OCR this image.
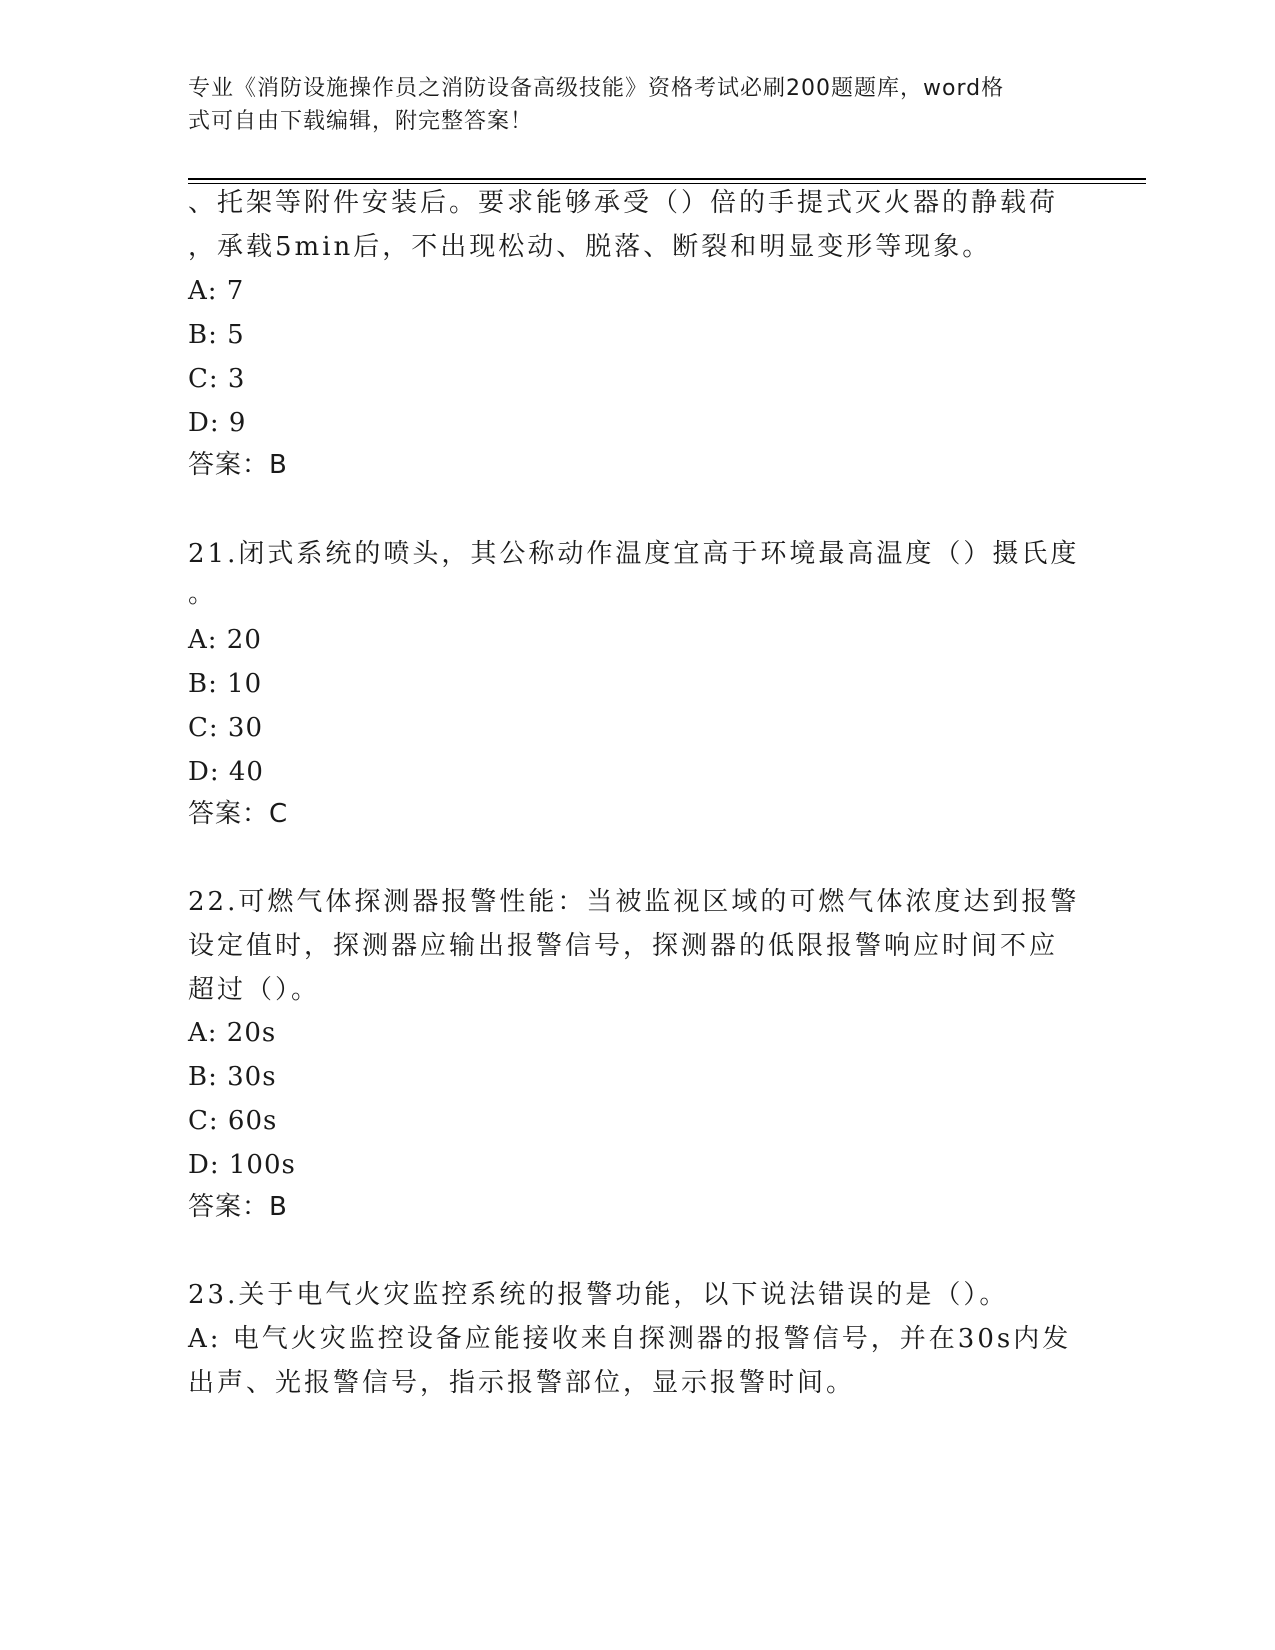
专业《消防设施操作员之消防设备高级技能》资格考试必刷200题题库，word格
式可自由下载编辑，附完整答案！
、托架等附件安装后。要求能够承受（）倍的手提式灭火器的静载荷
，承载5min后，不出现松动、脱落、断裂和明显变形等现象。
A: 7
B: 5
C: 3
D: 9
答案：B
21.闭式系统的喷头，其公称动作温度宜高于环境最高温度（）摄氏度
。
A: 20
B: 10
C: 30
D: 40
答案：C
22.可燃气体探测器报警性能：当被监视区域的可燃气体浓度达到报警
设定值时，探测器应输出报警信号，探测器的低限报警响应时间不应
超过（）。
A: 20s
B: 30s
C: 60s
D: 100s
答案：B
23.关于电气火灾监控系统的报警功能，以下说法错误的是（）。
A: 电气火灾监控设备应能接收来自探测器的报警信号，并在30s内发
出声、光报警信号，指示报警部位，显示报警时间。
